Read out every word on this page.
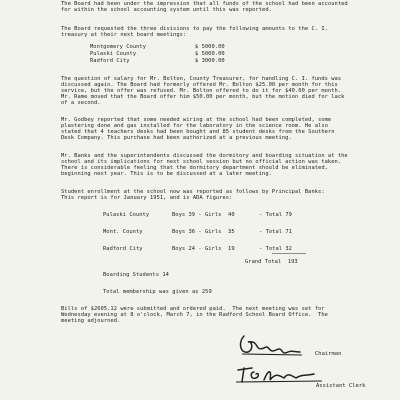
The Board had been under the impression that all funds of the school had been accounted
for within the school accounting system until this was reported.
The Board requested the three divisions to pay the following amounts to the C. I.
treasury at their next board meetings:
Montgomery County	$ 5000.00
Pulaski County	$ 5000.00
Radford City	$ 3000.00
The question of salary for Mr. Bolton, County Treasurer, for handling C. I. funds was
discussed again. The Board had formerly offered Mr. Bolton $25.00 per month for this
service, but the offer was refused. Mr. Bolton offered to do it for $40.00 per month.
Mr. Rame moved that the Board offer him $50.00 per month, but the motion died for lack
of a second.
Mr. Godbey reported that some needed wiring at the school had been completed, some
plastering done and gas installed for the laboratory in the science room. He also
stated that 4 teachers desks had been bought and 85 student desks from the Southern
Desk Company. This purchase had been authorized at a previous meeting.
Mr. Banks and the superintendents discussed the dormitory and boarding situation at the
school and its implications for next school session but no official action was taken.
There is considerable feeling that the dormitory department should be eliminated,
beginning next year. This is to be discussed at a later meeting.
Student enrollment at the school now was reported as follows by Principal Banks:
This report is for January 1951, and is ADA figures:
Pulaski County	Boys 39 - Girls  40	- Total 79
Mont. County	Boys 36 - Girls  35	- Total 71
Radford City	Boys 24 - Girls  19	- Total 32
Grand Total  193
Boarding Students 14
Total membership was given as 259
Bills of $2605.12 were submitted and ordered paid.  The next meeting was set for
Wednesday evening at 8 o'clock, March 7, in the Radford School Board Office.  The
meeting adjourned.
Chairman
Assistant Clerk
